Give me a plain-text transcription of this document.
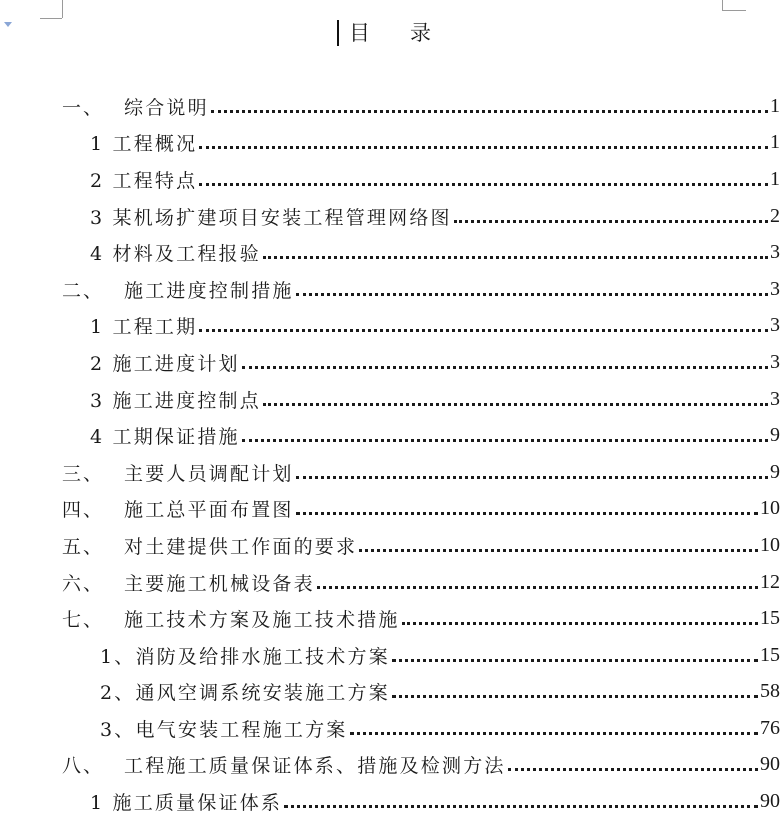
目      录
一、 综合说明	1
1 工程概况	1
2 工程特点	1
3 某机场扩建项目安装工程管理网络图	2
4 材料及工程报验	3
二、 施工进度控制措施	3
1 工程工期	3
2 施工进度计划	3
3 施工进度控制点	3
4 工期保证措施	9
三、 主要人员调配计划	9
四、 施工总平面布置图	10
五、 对土建提供工作面的要求	10
六、 主要施工机械设备表	12
七、 施工技术方案及施工技术措施	15
1、消防及给排水施工技术方案	15
2、通风空调系统安装施工方案	58
3、电气安装工程施工方案	76
八、 工程施工质量保证体系、措施及检测方法	90
1 施工质量保证体系	90
